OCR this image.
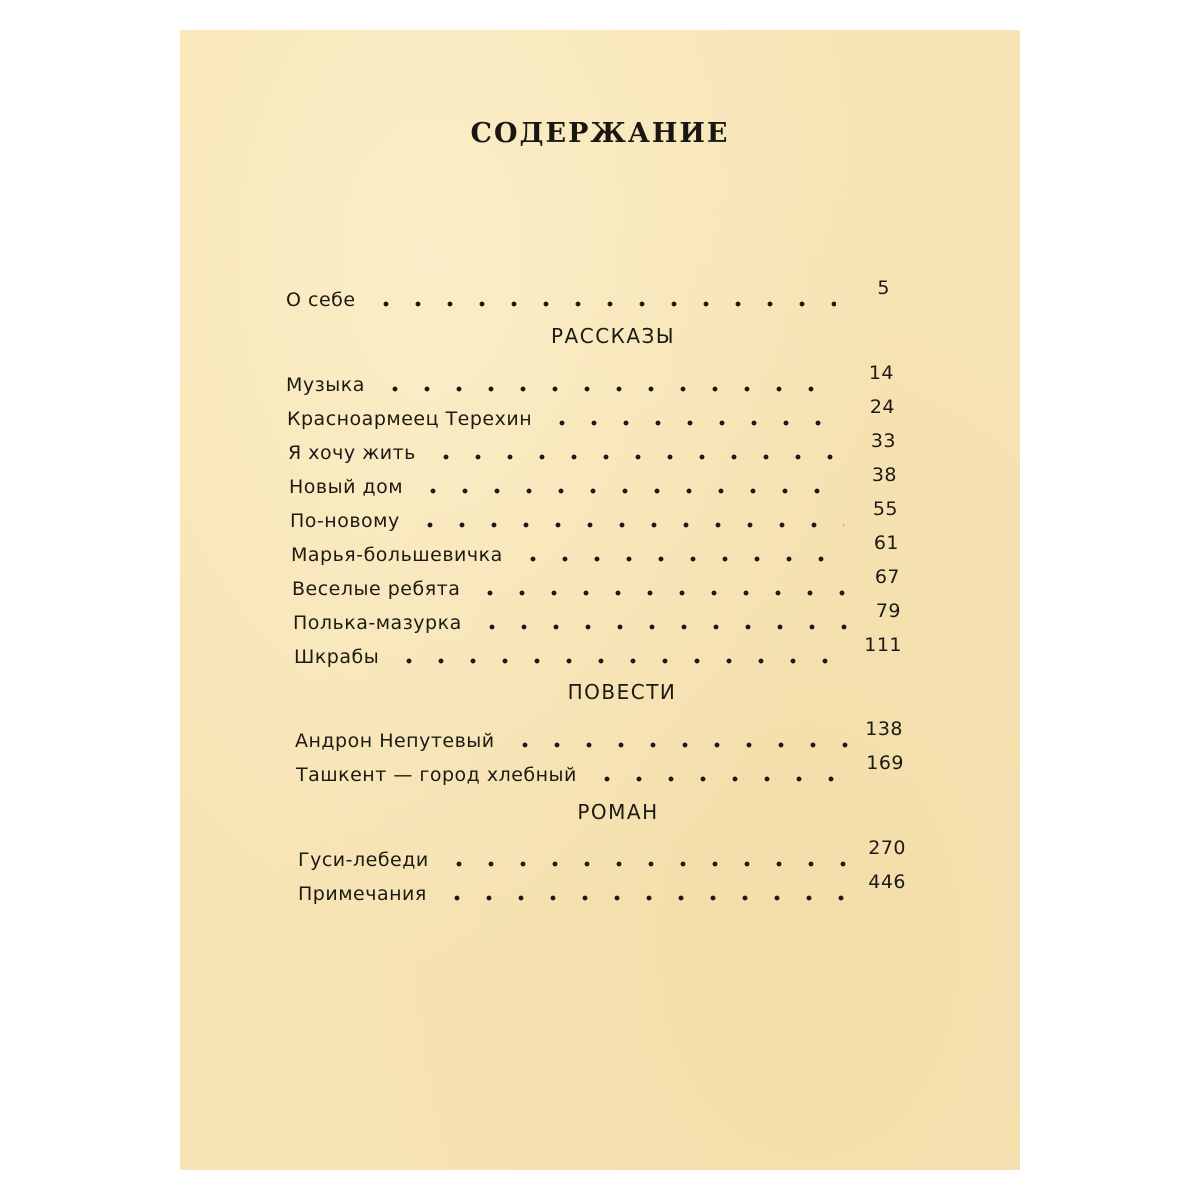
СОДЕРЖАНИЕ
О себе
5
РАССКАЗЫ
Музыка
14
Красноармеец Терехин
24
Я хочу жить
33
Новый дом
38
По-новому
55
Марья-большевичка
61
Веселые ребята
67
Полька-мазурка
79
Шкрабы
111
ПОВЕСТИ
Андрон Непутевый
138
Ташкент — город хлебный
169
РОМАН
Гуси-лебеди
270
Примечания
446
